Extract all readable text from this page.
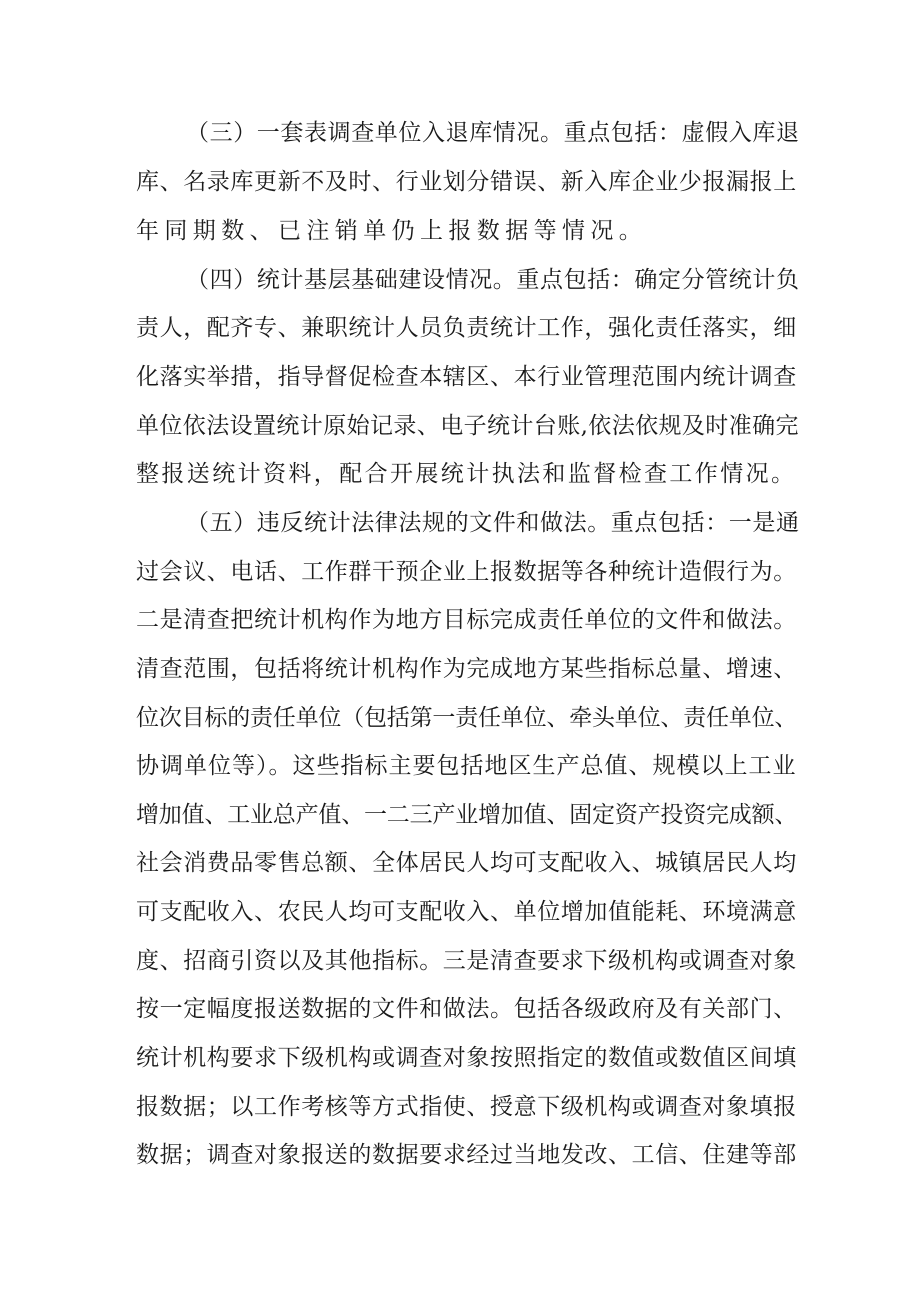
（三）一套表调查单位入退库情况。重点包括：虚假入库退

库、名录库更新不及时、行业划分错误、新入库企业少报漏报上

年同期数、已注销单仍上报数据等情况。

（四）统计基层基础建设情况。重点包括：确定分管统计负

责人，配齐专、兼职统计人员负责统计工作，强化责任落实，细

化落实举措，指导督促检查本辖区、本行业管理范围内统计调查

单位依法设置统计原始记录、电子统计台账,依法依规及时准确完

整报送统计资料，配合开展统计执法和监督检查工作情况。

（五）违反统计法律法规的文件和做法。重点包括：一是通

过会议、电话、工作群干预企业上报数据等各种统计造假行为。

二是清查把统计机构作为地方目标完成责任单位的文件和做法。

清查范围，包括将统计机构作为完成地方某些指标总量、增速、

位次目标的责任单位（包括第一责任单位、牵头单位、责任单位、

协调单位等）。这些指标主要包括地区生产总值、规模以上工业

增加值、工业总产值、一二三产业增加值、固定资产投资完成额、

社会消费品零售总额、全体居民人均可支配收入、城镇居民人均

可支配收入、农民人均可支配收入、单位增加值能耗、环境满意

度、招商引资以及其他指标。三是清查要求下级机构或调查对象

按一定幅度报送数据的文件和做法。包括各级政府及有关部门、

统计机构要求下级机构或调查对象按照指定的数值或数值区间填

报数据；以工作考核等方式指使、授意下级机构或调查对象填报

数据；调查对象报送的数据要求经过当地发改、工信、住建等部
